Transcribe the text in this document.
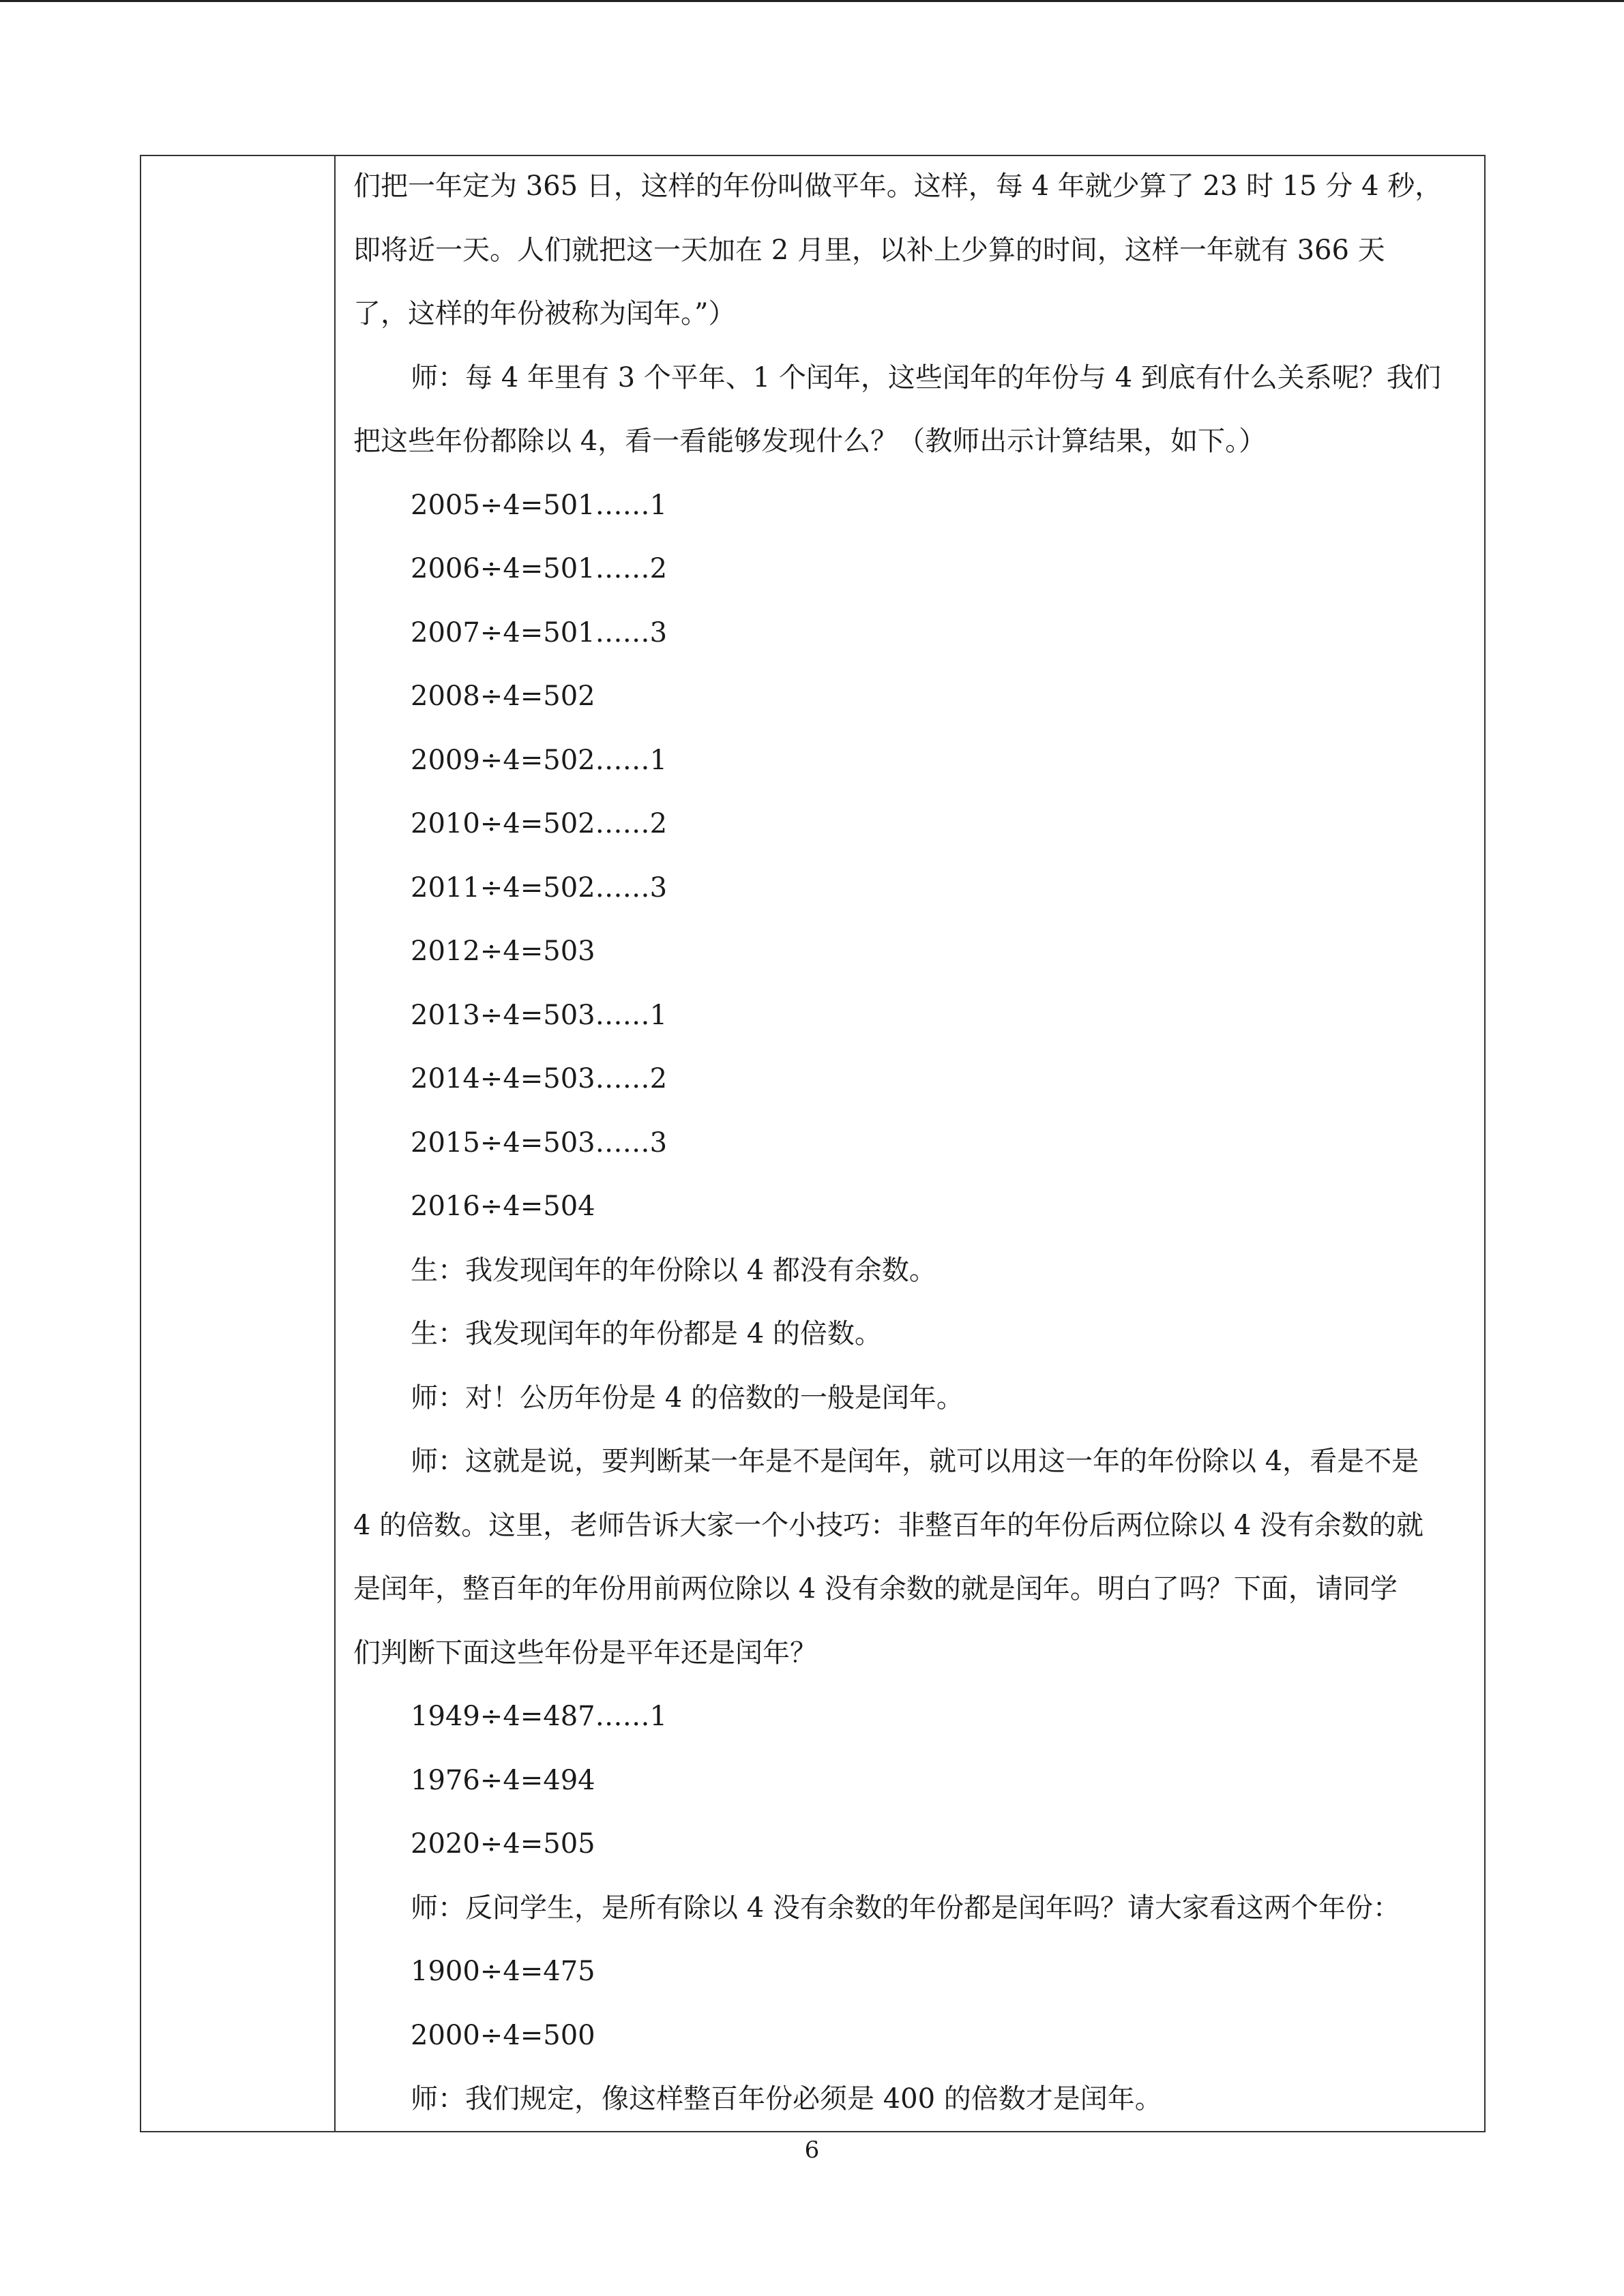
们把一年定为 365 日，这样的年份叫做平年。这样，每 4 年就少算了 23 时 15 分 4 秒，

即将近一天。人们就把这一天加在 2 月里，以补上少算的时间，这样一年就有 366 天

了，这样的年份被称为闰年。”）

师：每 4 年里有 3 个平年、1 个闰年，这些闰年的年份与 4 到底有什么关系呢？我们

把这些年份都除以 4，看一看能够发现什么？（教师出示计算结果，如下。）

2005÷4=501……1

2006÷4=501……2

2007÷4=501……3

2008÷4=502

2009÷4=502……1

2010÷4=502……2

2011÷4=502……3

2012÷4=503

2013÷4=503……1

2014÷4=503……2

2015÷4=503……3

2016÷4=504

生：我发现闰年的年份除以 4 都没有余数。

生：我发现闰年的年份都是 4 的倍数。

师：对！公历年份是 4 的倍数的一般是闰年。

师：这就是说，要判断某一年是不是闰年，就可以用这一年的年份除以 4，看是不是

4 的倍数。这里，老师告诉大家一个小技巧：非整百年的年份后两位除以 4 没有余数的就

是闰年，整百年的年份用前两位除以 4 没有余数的就是闰年。明白了吗？下面，请同学

们判断下面这些年份是平年还是闰年？

1949÷4=487……1

1976÷4=494

2020÷4=505

师：反问学生，是所有除以 4 没有余数的年份都是闰年吗？请大家看这两个年份：

1900÷4=475

2000÷4=500

师：我们规定，像这样整百年份必须是 400 的倍数才是闰年。

6
